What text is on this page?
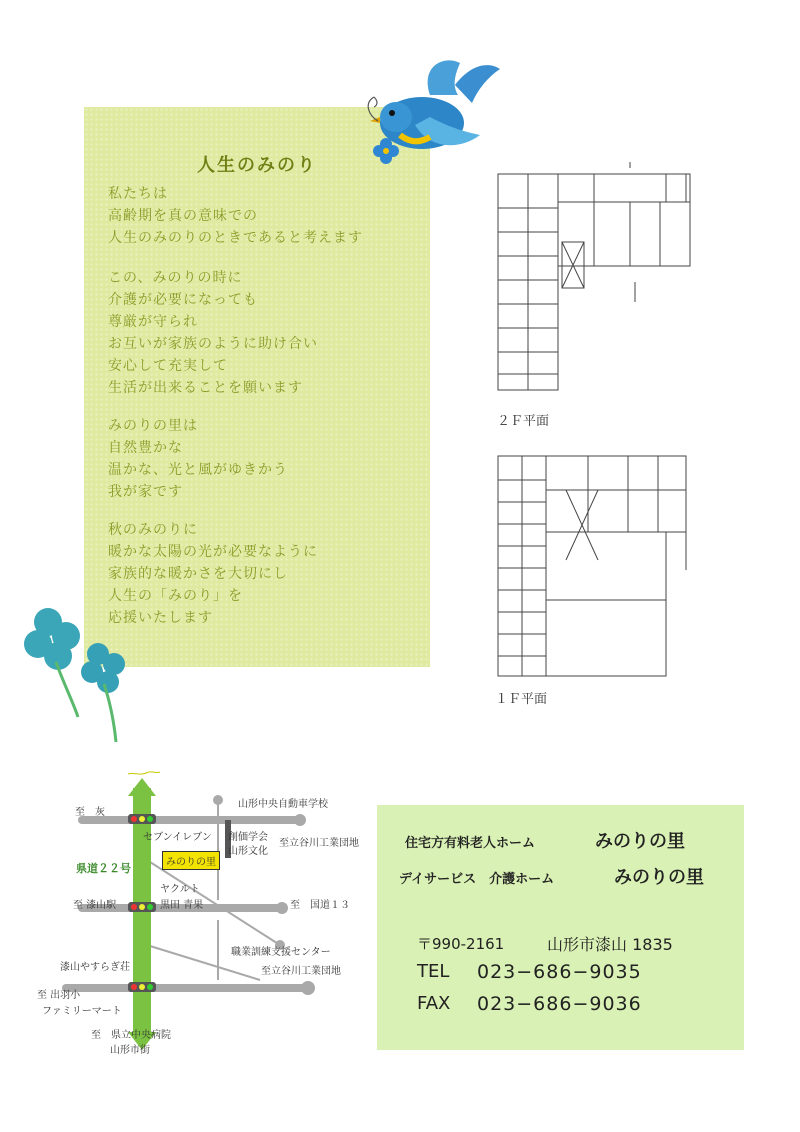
人生のみのり
私たちは
高齢期を真の意味での
人生のみのりのときであると考えます
この、みのりの時に
介護が必要になっても
尊厳が守られ
お互いが家族のように助け合い
安心して充実して
生活が出来ることを願います
みのりの里は
自然豊かな
温かな、光と風がゆきかう
我が家です
秋のみのりに
暖かな太陽の光が必要なように
家族的な暖かさを大切にし
人生の「みのり」を
応援いたします
２Ｆ平面
１Ｆ平面
至　灰
山形中央自動車学校
セブンイレブン 創価学会
山形文化
至立谷川工業団地
県道２２号	みのりの里
ヤクルト
至 漆山駅	黒田 青果	至　国道１３
職業訓練支援センター
漆山やすらぎ荘	至立谷川工業団地
至 出羽小
ファミリーマート
至　県立中央病院
山形市街
住宅方有料老人ホーム	みのりの里
デイサービス　介護ホーム	みのりの里
〒990-2161	山形市漆山 1835
TEL 023−686−9035
FAX 023−686−9036
